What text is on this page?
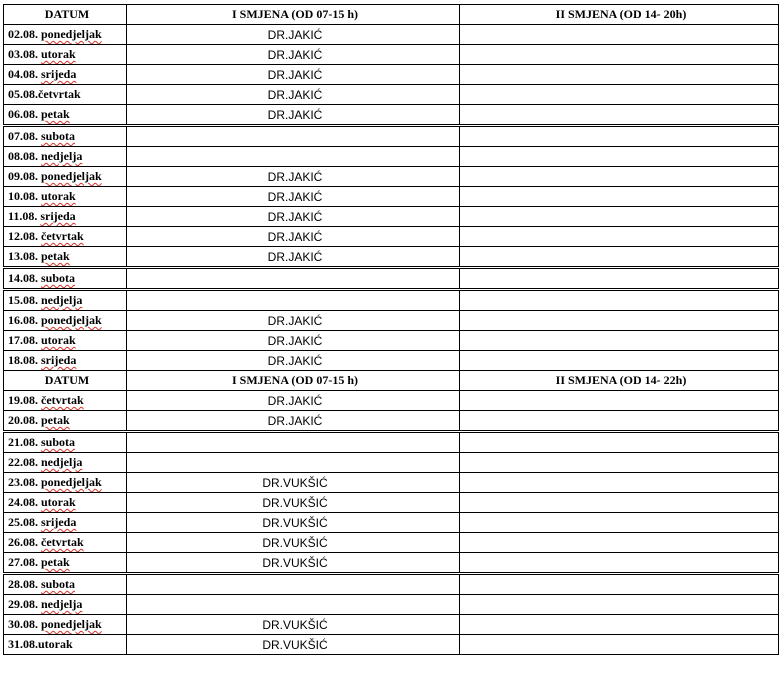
DATUM	I SMJENA (OD 07-15 h)	II SMJENA (OD 14- 20h)
02.08. ponedjeljak	DR.JAKIĆ	
03.08. utorak	DR.JAKIĆ	
04.08. srijeda	DR.JAKIĆ	
05.08.četvrtak	DR.JAKIĆ	
06.08. petak	DR.JAKIĆ	
07.08. subota		
08.08. nedjelja		
09.08. ponedjeljak	DR.JAKIĆ	
10.08. utorak	DR.JAKIĆ	
11.08. srijeda	DR.JAKIĆ	
12.08. četvrtak	DR.JAKIĆ	
13.08. petak	DR.JAKIĆ	
14.08. subota		
15.08. nedjelja		
16.08. ponedjeljak	DR.JAKIĆ	
17.08. utorak	DR.JAKIĆ	
18.08. srijeda	DR.JAKIĆ	
DATUM	I SMJENA (OD 07-15 h)	II SMJENA (OD 14- 22h)
19.08. četvrtak	DR.JAKIĆ	
20.08. petak	DR.JAKIĆ	
21.08. subota		
22.08. nedjelja		
23.08. ponedjeljak	DR.VUKŠIĆ	
24.08. utorak	DR.VUKŠIĆ	
25.08. srijeda	DR.VUKŠIĆ	
26.08. četvrtak	DR.VUKŠIĆ	
27.08. petak	DR.VUKŠIĆ	
28.08. subota		
29.08. nedjelja		
30.08. ponedjeljak	DR.VUKŠIĆ	
31.08.utorak	DR.VUKŠIĆ	
